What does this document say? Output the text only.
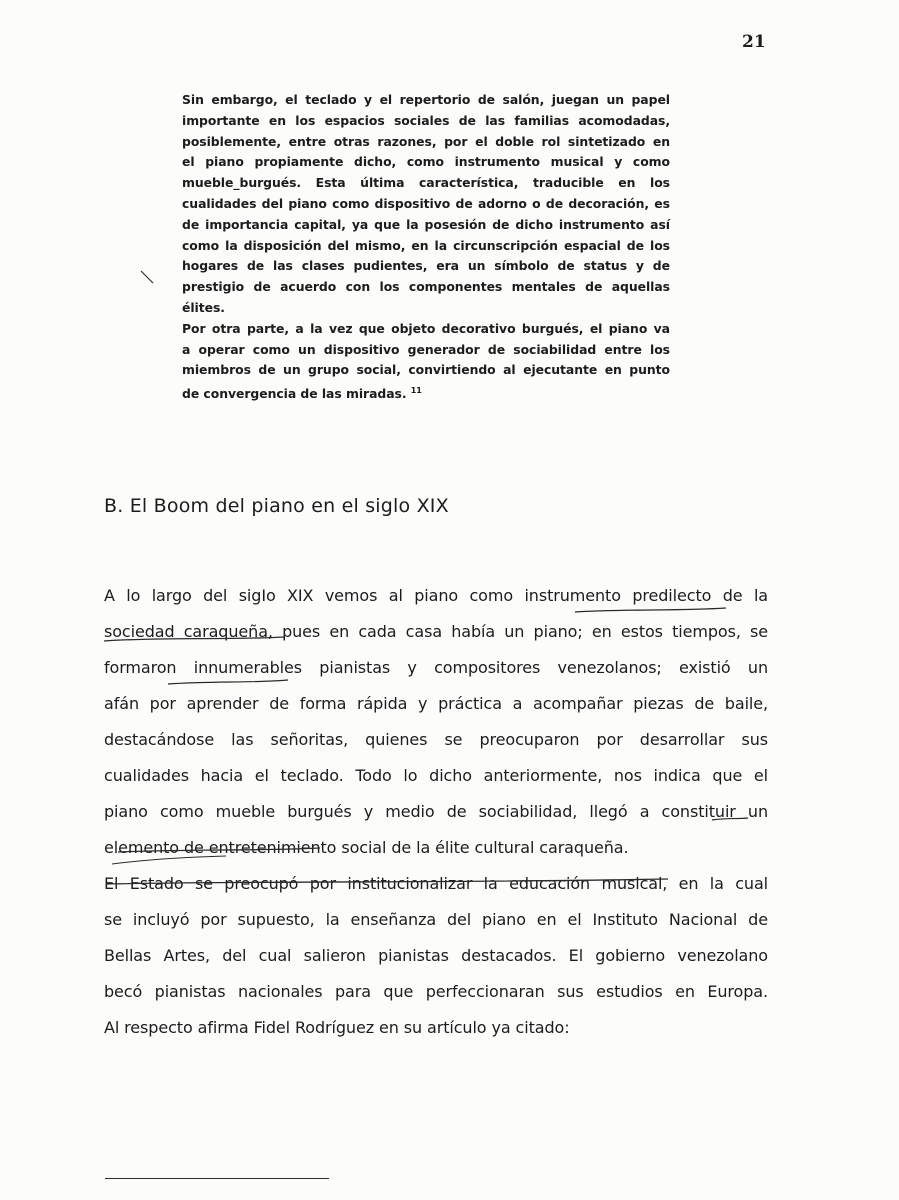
21
Sin embargo, el teclado y el repertorio de salón, juegan un papel
importante en los espacios sociales de las familias acomodadas,
posiblemente, entre otras razones, por el doble rol sintetizado en
el piano propiamente dicho, como instrumento musical y como
mueble_burgués. Esta última característica, traducible en los
cualidades del piano como dispositivo de adorno o de decoración, es
de importancia capital, ya que la posesión de dicho instrumento así
como la disposición del mismo, en la circunscripción espacial de los
hogares de las clases pudientes, era un símbolo de status y de
prestigio de acuerdo con los componentes mentales de aquellas
élites.
Por otra parte, a la vez que objeto decorativo burgués, el piano va
a operar como un dispositivo generador de sociabilidad entre los
miembros de un grupo social, convirtiendo al ejecutante en punto
de convergencia de las miradas. $^{11}$
B. El Boom del piano en el siglo XIX
A lo largo del sigIo XIX vemos al piano como instrumento predilecto de la
sociedad caraqueña, pues en cada casa había un piano; en estos tiempos, se
formaron innumerables pianistas y compositores venezolanos; existió un
afán por aprender de forma rápida y práctica a acompañar piezas de baile,
destacándose las señoritas, quienes se preocuparon por desarrollar sus
cualidades hacia el teclado. Todo lo dicho anteriormente, nos indica que el
piano como mueble burgués y medio de sociabilidad, llegó a constituir un
elemento de entretenimiento social de la élite cultural caraqueña.
El Estado se preocupó por institucionalizar la educación musical, en la cual
se incluyó por supuesto, la enseñanza del piano en el Instituto Nacional de
Bellas Artes, del cual salieron pianistas destacados. El gobierno venezolano
becó pianistas nacionales para que perfeccionaran sus estudios en Europa.
Al respecto afirma Fidel Rodríguez en su artículo ya citado:
